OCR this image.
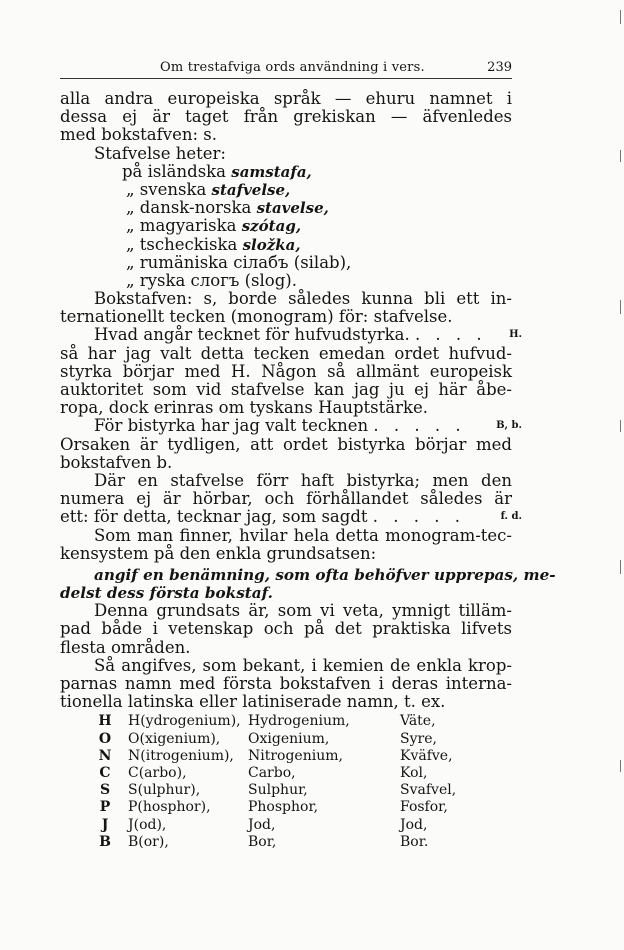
Om trestafviga ords användning i vers.	239
alla andra europeiska språk — ehuru namnet i
dessa ej är taget från grekiskan — äfvenledes
med bokstafven: s.
Stafvelse heter:
på isländska samstafa,
„ svenska stafvelse,
„ dansk-norska stavelse,
„ magyariska szótag,
„ tscheckiska složka,
„ rumäniska сілабъ (silab),
„ ryska слогъ (slog).
Bokstafven: s, borde således kunna bli ett in-
ternationellt tecken (monogram) för: stafvelse.
Hvad angår tecknet för hufvudstyrka. . . . . H.
så har jag valt detta tecken emedan ordet hufvud-
styrka börjar med H. Någon så allmänt europeisk
auktoritet som vid stafvelse kan jag ju ej här åbe-
ropa, dock erinras om tyskans Hauptstärke.
För bistyrka har jag valt tecknen . . . . .	B, b.
Orsaken är tydligen, att ordet bistyrka börjar med
bokstafven b.
Där en stafvelse förr haft bistyrka; men den
numera ej är hörbar, och förhållandet således är
ett: för detta, tecknar jag, som sagdt . . . . .	f. d.
Som man finner, hvilar hela detta monogram-tec-
kensystem på den enkla grundsatsen:
angif en benämning, som ofta behöfver upprepas, me-
delst dess första bokstaf.
Denna grundsats är, som vi veta, ymnigt tilläm-
pad både i vetenskap och på det praktiska lifvets
flesta områden.
Så angifves, som bekant, i kemien de enkla krop-
parnas namn med första bokstafven i deras interna-
tionella latinska eller latiniserade namn, t. ex.
H H(ydrogenium), Hydrogenium,	Väte,
O O(xigenium), Oxigenium,	Syre,
N N(itrogenium), Nitrogenium,	Kväfve,
C C(arbo),	Carbo,	Kol,
S S(ulphur),	Sulphur,	Svafvel,
P P(hosphor),	Phosphor,	Fosfor,
J J(od),	Jod,	Jod,
B B(or),	Bor,	Bor.
